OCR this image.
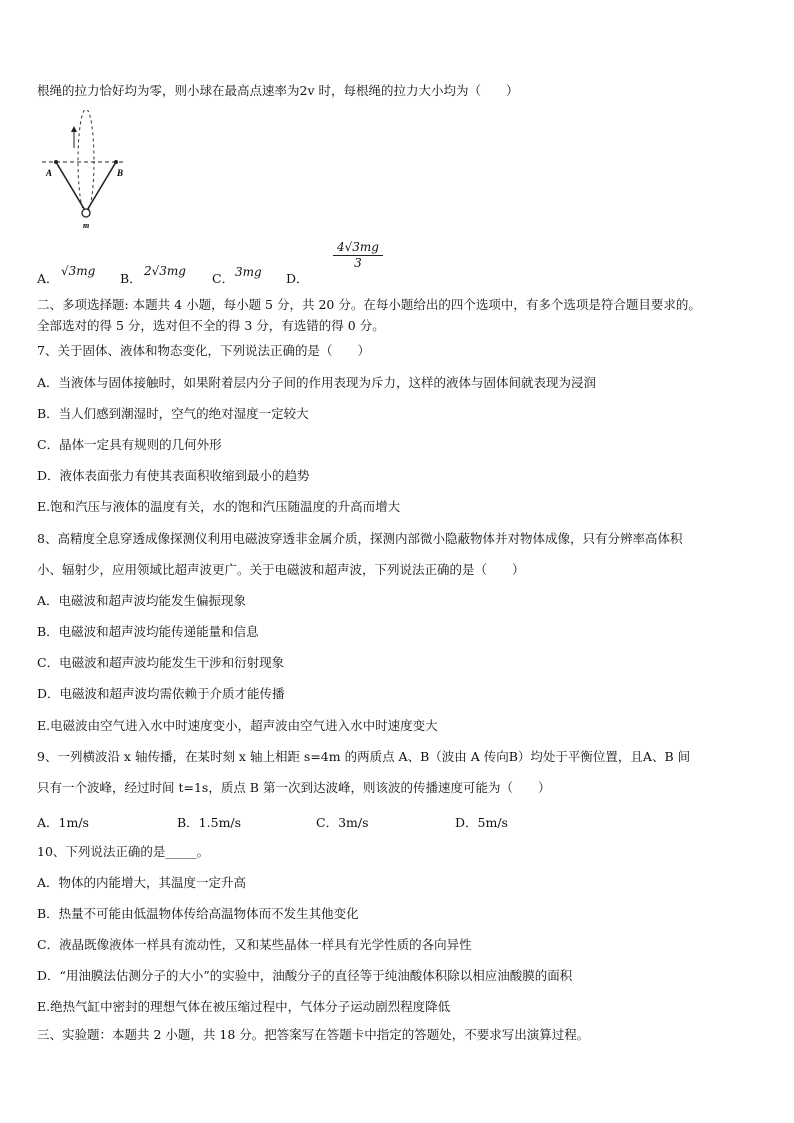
根绳的拉力恰好均为零，则小球在最高点速率为2v 时，每根绳的拉力大小均为（　　）
A	B
m
A． √3mg B． 2√3mg C． 3mg D．
$\frac{4√3mg}{3}$
二、多项选择题: 本题共 4 小题，每小题 5 分，共 20 分。在每小题给出的四个选项中，有多个选项是符合题目要求的。
全部选对的得 5 分，选对但不全的得 3 分，有选错的得 0 分。
7、关于固体、液体和物态变化，下列说法正确的是（　　）
A．当液体与固体接触时，如果附着层内分子间的作用表现为斥力，这样的液体与固体间就表现为浸润
B．当人们感到潮湿时，空气的绝对湿度一定较大
C．晶体一定具有规则的几何外形
D．液体表面张力有使其表面积收缩到最小的趋势
E.饱和汽压与液体的温度有关，水的饱和汽压随温度的升高而增大
8、高精度全息穿透成像探测仪利用电磁波穿透非金属介质，探测内部微小隐蔽物体并对物体成像，只有分辨率高体积
小、辐射少，应用领域比超声波更广。关于电磁波和超声波，下列说法正确的是（　　）
A．电磁波和超声波均能发生偏振现象
B．电磁波和超声波均能传递能量和信息
C．电磁波和超声波均能发生干涉和衍射现象
D．电磁波和超声波均需依赖于介质才能传播
E.电磁波由空气进入水中时速度变小，超声波由空气进入水中时速度变大
9、一列横波沿 x 轴传播，在某时刻 x 轴上相距 s=4m 的两质点 A、B（波由 A 传向B）均处于平衡位置，且A、B 间
只有一个波峰，经过时间 t=1s，质点 B 第一次到达波峰，则该波的传播速度可能为（　　）
A．1m/s	B．1.5m/s	C．3m/s	D．5m/s
10、下列说法正确的是_____。
A．物体的内能增大，其温度一定升高
B．热量不可能由低温物体传给高温物体而不发生其他变化
C．液晶既像液体一样具有流动性，又和某些晶体一样具有光学性质的各向异性
D．“用油膜法估测分子的大小”的实验中，油酸分子的直径等于纯油酸体积除以相应油酸膜的面积
E.绝热气缸中密封的理想气体在被压缩过程中，气体分子运动剧烈程度降低
三、实验题：本题共 2 小题，共 18 分。把答案写在答题卡中指定的答题处，不要求写出演算过程。
